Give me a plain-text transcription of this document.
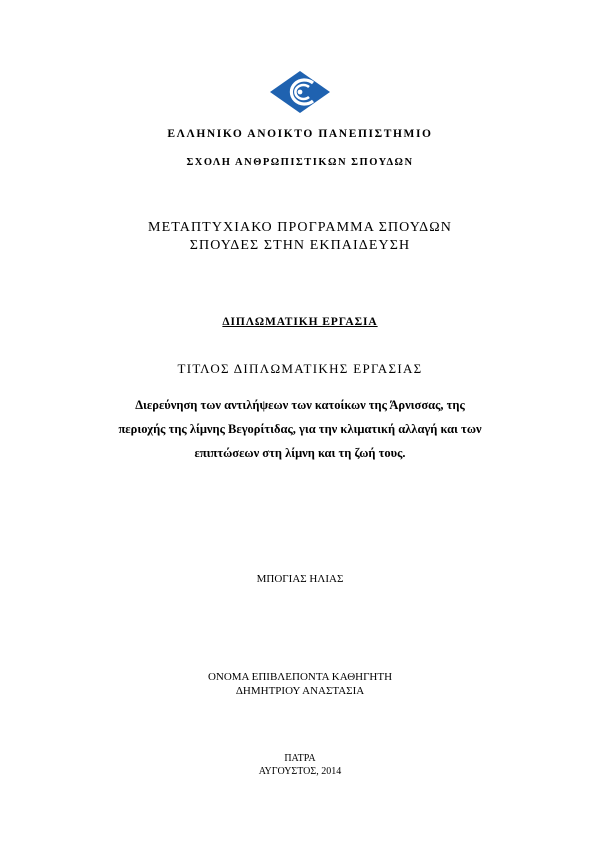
ΕΛΛΗΝΙΚΟ ΑΝΟΙΚΤΟ ΠΑΝΕΠΙΣΤΗΜΙΟ
ΣΧΟΛΗ ΑΝΘΡΩΠΙΣΤΙΚΩΝ ΣΠΟΥΔΩΝ
ΜΕΤΑΠΤΥΧΙΑΚΟ ΠΡΟΓΡΑΜΜΑ ΣΠΟΥΔΩΝ
ΣΠΟΥΔΕΣ ΣΤΗΝ ΕΚΠΑΙΔΕΥΣΗ
ΔΙΠΛΩΜΑΤΙΚΗ ΕΡΓΑΣΙΑ
ΤΙΤΛΟΣ ΔΙΠΛΩΜΑΤΙΚΗΣ ΕΡΓΑΣΙΑΣ
Διερεύνηση των αντιλήψεων των κατοίκων της Άρνισσας, της
περιοχής της λίμνης Βεγορίτιδας, για την κλιματική αλλαγή και των
επιπτώσεων στη λίμνη και τη ζωή τους.
ΜΠΟΓΙΑΣ ΗΛΙΑΣ
ΟΝΟΜΑ ΕΠΙΒΛΕΠΟΝΤΑ ΚΑΘΗΓΗΤΗ
ΔΗΜΗΤΡΙΟΥ ΑΝΑΣΤΑΣΙΑ
ΠΑΤΡΑ
ΑΥΓΟΥΣΤΟΣ, 2014
